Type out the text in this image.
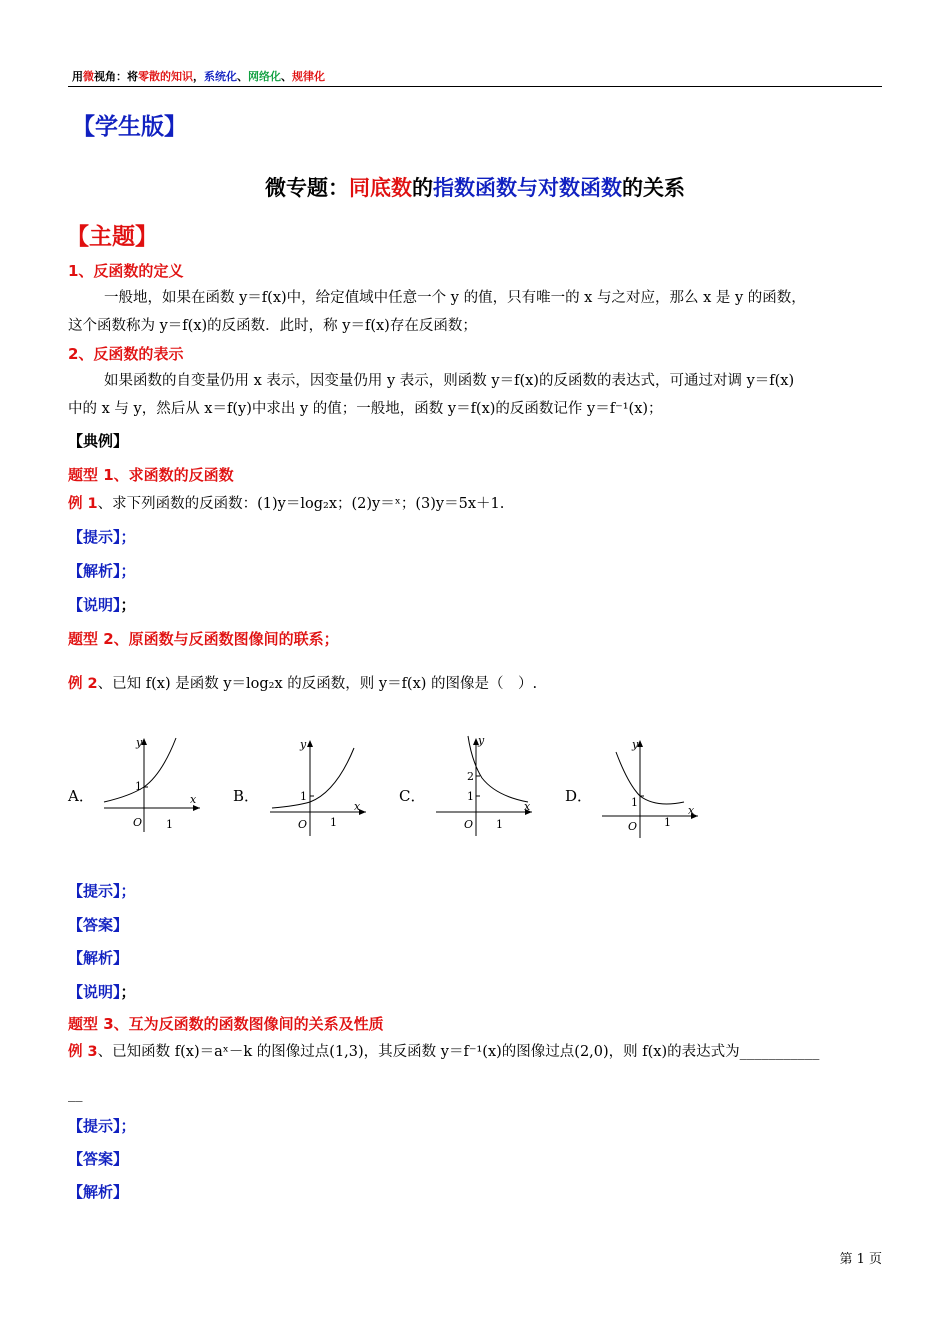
用微视角：将零散的知识，系统化、网络化、规律化
【学生版】
微专题：同底数的指数函数与对数函数的关系
【主题】
1、反函数的定义
一般地，如果在函数 y＝f(x)中，给定值域中任意一个 y 的值，只有唯一的 x 与之对应，那么 x 是 y 的函数，
这个函数称为 y＝f(x)的反函数．此时，称 y＝f(x)存在反函数；
2、反函数的表示
如果函数的自变量仍用 x 表示，因变量仍用 y 表示，则函数 y＝f(x)的反函数的表达式，可通过对调 y＝f(x)
中的 x 与 y，然后从 x＝f(y)中求出 y 的值；一般地，函数 y＝f(x)的反函数记作 y＝f⁻¹(x)；
【典例】
题型 1、求函数的反函数
例 1、求下列函数的反函数：(1)y＝log₂x；(2)y＝ˣ；(3)y＝5x＋1.
【提示】；
【解析】；
【说明】；
题型 2、原函数与反函数图像间的联系；
例 2、已知 f(x) 是函数 y＝log₂x 的反函数，则 y＝f(x) 的图像是（　）.
A．
y
x
O
1
1
B．
y
x
O
1
1
C．
y
x
O
2
1
1
D．
y
x
O
1
1
【提示】；
【答案】
【解析】
【说明】；
题型 3、互为反函数的函数图像间的关系及性质
例 3、已知函数 f(x)＝aˣ－k 的图像过点(1,3)，其反函数 y＝f⁻¹(x)的图像过点(2,0)，则 f(x)的表达式为___________
__
【提示】；
【答案】
【解析】
第 1 页
